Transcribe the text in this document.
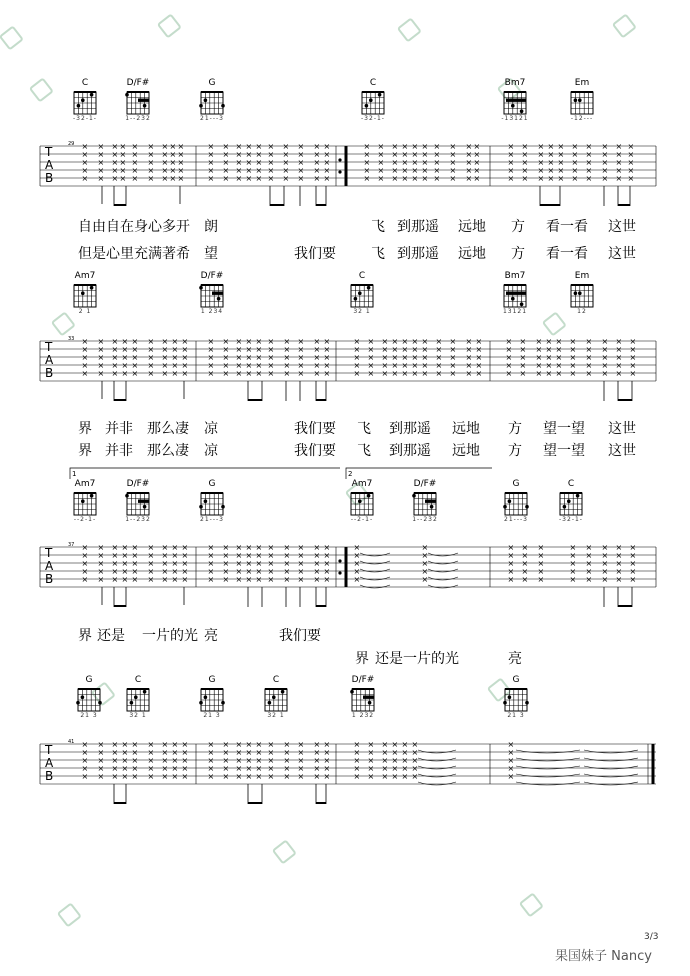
C
-32-1-
D/F#
1--232
G
21---3
C
-32-1-
Bm7
-13121
Em
-12---
T
A
B
29 ×
×
×
×
×
×
×
×
×
×
×
×
×
×
×
×
×
×
×
×
×
×
×
×
×
×
×
×
×
×
×
×
×
×
×
×
×
×
×
×
×
×
×
×
×
×
×
×
×
×
×
×
×
×
×
×
×
×
×
×
×
×
×
×
×
×
×
×
×
×
×
×
×
×
×
×
×
×
×
×
×
×
×
×
×
×
×
×
×
×
×
×
×
×
×
×
×
×
×
×
×
×
×
×
×
×
×
×
×
×
×
×
×
×
×
×
×
×
×
×
×
×
×
×
×
×
×
×
×
×
×
×
×
×
×
×
×
×
×
×
×
×
×
×
×
×
×
×
×
×
×
×
×
×
×
×
×
×
×
×
×
×
×
×
×
×
×
×
×
×
×
×
×
×
×
×
×
×
×
×
×
×
×
×
×
×
×
×
×
×
×
×
×
×
×
自由自在身心多开 朗	飞 到那遥 远地 方 看一看 这世
但是心里充满著希 望	我们要	飞 到那遥 远地 方 看一看 这世
Am7
2 1
D/F#
1 234
C
32 1
Bm7
13121
Em
12
T
A
B
33 ×
×
×
×
×
×
×
×
×
×
×
×
×
×
×
×
×
×
×
×
×
×
×
×
×
×
×
×
×
×
×
×
×
×
×
×
×
×
×
×
×
×
×
×
×
×
×
×
×
×
×
×
×
×
×
×
×
×
×
×
×
×
×
×
×
×
×
×
×
×
×
×
×
×
×
×
×
×
×
×
×
×
×
×
×
×
×
×
×
×
×
×
×
×
×
×
×
×
×
×
×
×
×
×
×
×
×
×
×
×
×
×
×
×
×
×
×
×
×
×
×
×
×
×
×
×
×
×
×
×
×
×
×
×
×
×
×
×
×
×
×
×
×
×
×
×
×
×
×
×
×
×
×
×
×
×
×
×
×
×
×
×
×
×
×
×
×
×
×
×
×
×
×
×
×
×
×
×
×
×
×
×
×
×
×
×
×
×
×
×
×
×
×
×
×
×
×
×
×
×
界 并非 那么凄 凉	我们要 飞 到那遥 远地 方 望一望 这世
界 并非 那么凄 凉	我们要 飞 到那遥 远地 方 望一望 这世
1	2
Am7
--2-1-
D/F#
1--232
G
21---3
Am7
--2-1-
D/F#
1--232
G
21---3
C
-32-1-
T
A
B
37 ×
×
×
×
×
×
×
×
×
×
×
×
×
×
×
×
×
×
×
×
×
×
×
×
×
×
×
×
×
×
×
×
×
×
×
×
×
×
×
×
×
×
×
×
×
×
×
×
×
×
×
×
×
×
×
×
×
×
×
×
×
×
×
×
×
×
×
×
×
×
×
×
×
×
×
×
×
×
×
×
×
×
×
×
×
×
×
×
×
×
×
×
×
×
×
×
×
×
×
×
×
×
×
×
×
×
×
×
×
×
×
×
×
×
×
×
×
×
×
×
×
×
×
×
×
×
×
×
×
×
×
×
×
×
×
×
×
×
×
×
×
×
×
×
×
界 还是 一片的光 亮	我们要
界 还是一片的光	亮
G
21 3
C
32 1
G
21 3
C
32 1
D/F#
1 232
G
21 3
T
A
B
41 ×
×
×
×
×
×
×
×
×
×
×
×
×
×
×
×
×
×
×
×
×
×
×
×
×
×
×
×
×
×
×
×
×
×
×
×
×
×
×
×
×
×
×
×
×
×
×
×
×
×
×
×
×
×
×
×
×
×
×
×
×
×
×
×
×
×
×
×
×
×
×
×
×
×
×
×
×
×
×
×
×
×
×
×
×
×
×
×
×
×
×
×
×
×
×
×
×
×
×
×
×
×
×
×
×
×
×
×
×
×
×
×
×
×
×
×
×
×
×
×
×
×
×
×
×
×
×
×
×
×
3/3
果国妹子 Nancy
